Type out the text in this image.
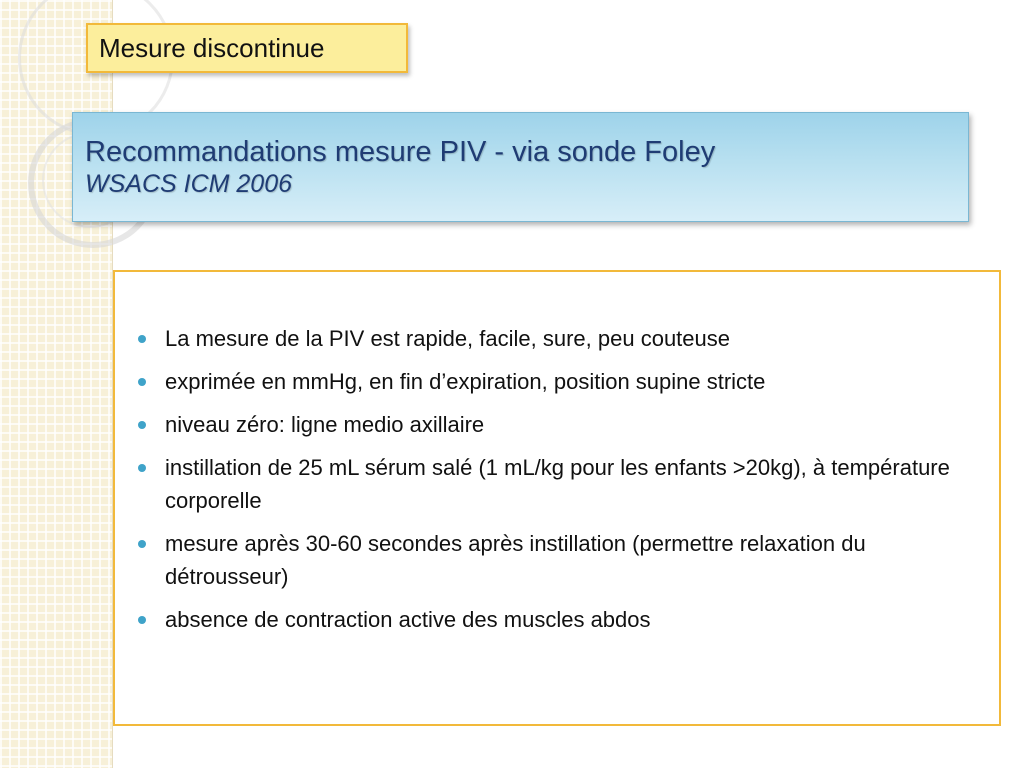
Mesure discontinue
Recommandations mesure PIV - via sonde Foley
WSACS ICM 2006
La mesure de la PIV est rapide, facile, sure, peu couteuse
exprimée en mmHg, en fin d’expiration, position supine stricte
niveau zéro: ligne medio axillaire
instillation de 25 mL sérum salé (1 mL/kg pour les enfants >20kg), à température corporelle
mesure après 30-60 secondes après instillation (permettre relaxation du détrousseur)
absence de contraction active des muscles abdos
